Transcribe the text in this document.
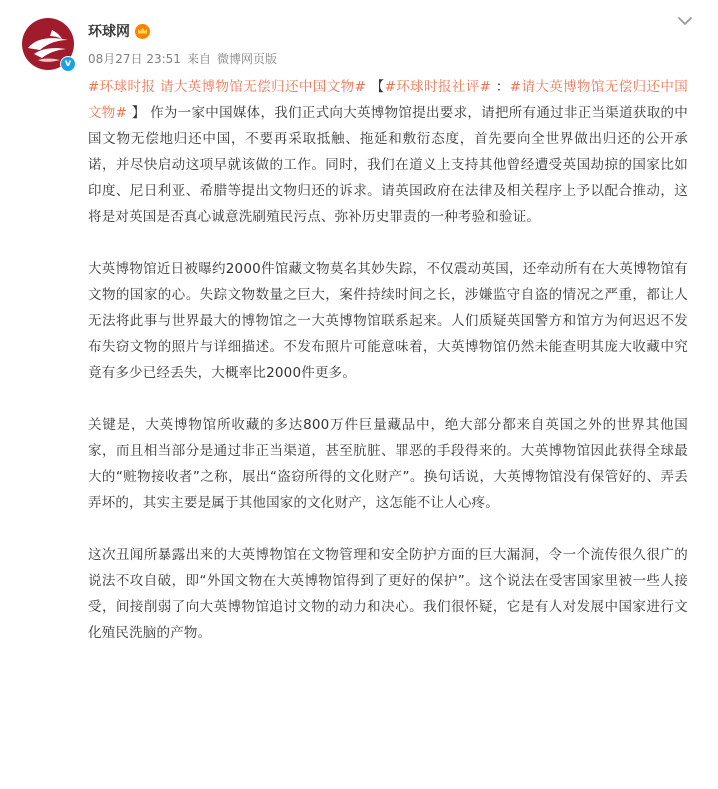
v
环球网
08月27日 23:51 来自 微博网页版

#环球时报 请大英博物馆无偿归还中国文物# 【#环球时报社评# ：#请大英博物馆无偿归还中国文物# 】 作为一家中国媒体，我们正式向大英博物馆提出要求，请把所有通过非正当渠道获取的中国文物无偿地归还中国，不要再采取抵触、拖延和敷衍态度，首先要向全世界做出归还的公开承诺，并尽快启动这项早就该做的工作。同时，我们在道义上支持其他曾经遭受英国劫掠的国家比如印度、尼日利亚、希腊等提出文物归还的诉求。请英国政府在法律及相关程序上予以配合推动，这将是对英国是否真心诚意洗刷殖民污点、弥补历史罪责的一种考验和验证。

大英博物馆近日被曝约2000件馆藏文物莫名其妙失踪，不仅震动英国，还牵动所有在大英博物馆有文物的国家的心。失踪文物数量之巨大，案件持续时间之长，涉嫌监守自盗的情况之严重，都让人无法将此事与世界最大的博物馆之一大英博物馆联系起来。人们质疑英国警方和馆方为何迟迟不发布失窃文物的照片与详细描述。不发布照片可能意味着，大英博物馆仍然未能查明其庞大收藏中究竟有多少已经丢失，大概率比2000件更多。

关键是，大英博物馆所收藏的多达800万件巨量藏品中，绝大部分都来自英国之外的世界其他国家，而且相当部分是通过非正当渠道，甚至肮脏、罪恶的手段得来的。大英博物馆因此获得全球最大的“赃物接收者”之称，展出“盗窃所得的文化财产”。换句话说，大英博物馆没有保管好的、弄丢弄坏的，其实主要是属于其他国家的文化财产，这怎能不让人心疼。

这次丑闻所暴露出来的大英博物馆在文物管理和安全防护方面的巨大漏洞，令一个流传很久很广的说法不攻自破，即“外国文物在大英博物馆得到了更好的保护”。这个说法在受害国家里被一些人接受，间接削弱了向大英博物馆追讨文物的动力和决心。我们很怀疑，它是有人对发展中国家进行文化殖民洗脑的产物。
